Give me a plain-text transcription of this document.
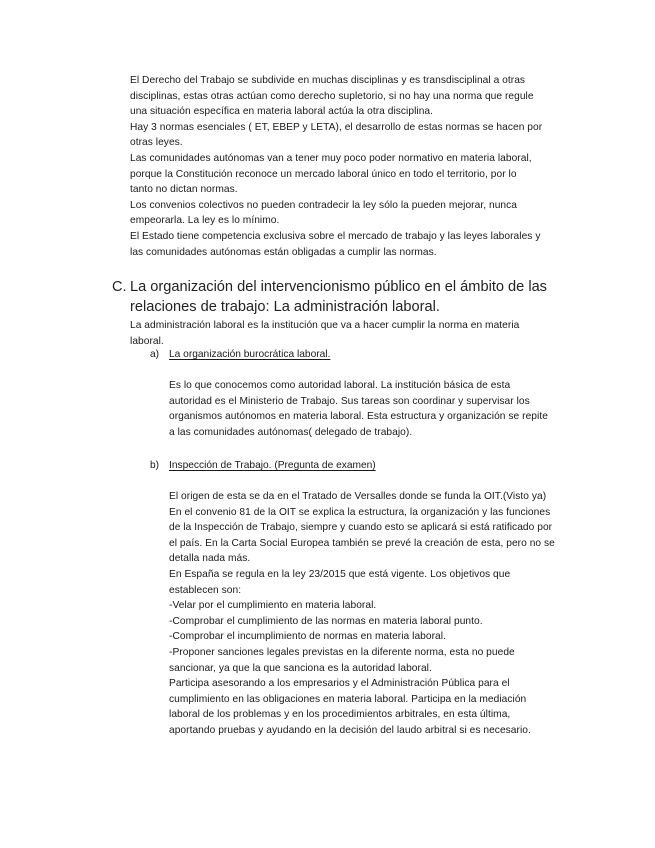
El Derecho del Trabajo se subdivide en muchas disciplinas y es transdisciplinal a otras

disciplinas, estas otras actúan como derecho supletorio, si no hay una norma que regule

una situación específica en materia laboral actúa la otra disciplina.

Hay 3 normas esenciales ( ET, EBEP y LETA), el desarrollo de estas normas se hacen por

otras leyes.

Las comunidades autónomas van a tener muy poco poder normativo en materia laboral,

porque la Constitución reconoce un mercado laboral único en todo el territorio, por lo

tanto no dictan normas.

Los convenios colectivos no pueden contradecir la ley sólo la pueden mejorar, nunca

empeorarla. La ley es lo mínimo.

El Estado tiene competencia exclusiva sobre el mercado de trabajo y las leyes laborales y

las comunidades autónomas están obligadas a cumplir las normas.

C. La organización del intervencionismo público en el ámbito de las
relaciones de trabajo: La administración laboral.

La administración laboral es la institución que va a hacer cumplir la norma en materia

laboral.

a) La organización burocrática laboral.

Es lo que conocemos como autoridad laboral. La institución básica de esta

autoridad es el Ministerio de Trabajo. Sus tareas son coordinar y supervisar los

organismos autónomos en materia laboral. Esta estructura y organización se repite

a las comunidades autónomas( delegado de trabajo).

b) Inspección de Trabajo. (Pregunta de examen)

El origen de esta se da en el Tratado de Versalles donde se funda la OIT.(Visto ya)

En el convenio 81 de la OIT se explica la estructura, la organización y las funciones

de la Inspección de Trabajo, siempre y cuando esto se aplicará si está ratificado por

el país. En la Carta Social Europea también se prevé la creación de esta, pero no se

detalla nada más.

En España se regula en la ley 23/2015 que está vigente. Los objetivos que

establecen son:

-Velar por el cumplimiento en materia laboral.

-Comprobar el cumplimiento de las normas en materia laboral punto.

-Comprobar el incumplimiento de normas en materia laboral.

-Proponer sanciones legales previstas en la diferente norma, esta no puede

sancionar, ya que la que sanciona es la autoridad laboral.

Participa asesorando a los empresarios y el Administración Pública para el

cumplimiento en las obligaciones en materia laboral. Participa en la mediación

laboral de los problemas y en los procedimientos arbitrales, en esta última,

aportando pruebas y ayudando en la decisión del laudo arbitral si es necesario.
